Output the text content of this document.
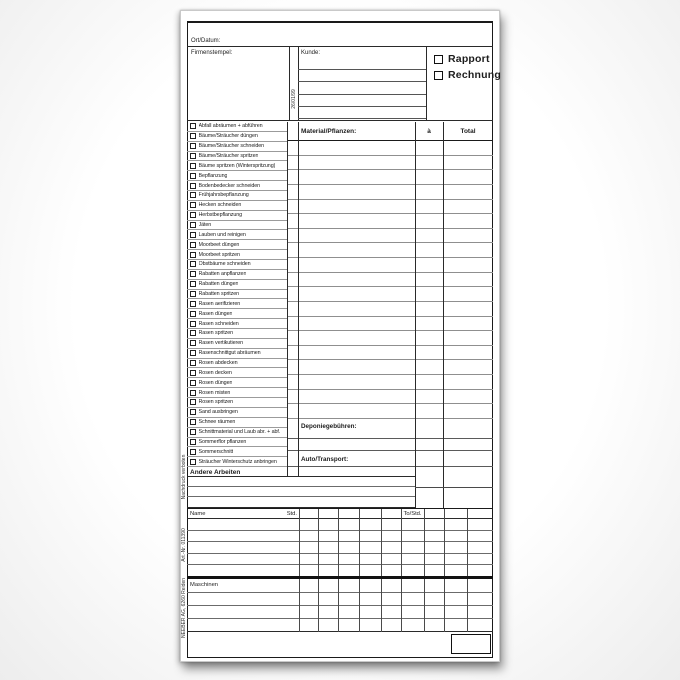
Ort/Datum:
Firmenstempel:	Kunde:
26/01/99
Rapport
Rechnung
Abfall abräumen + abführen
Bäume/Sträucher düngen
Bäume/Sträucher schneiden
Bäume/Sträucher spritzen
Bäume spritzen (Winterspritzung)
Bepflanzung
Bodenbedecker schneiden
Frühjahrsbepflanzung
Hecken schneiden
Herbstbepflanzung
Jäten
Lauben und reinigen
Moorbeet düngen
Moorbeet spritzen
Obstbäume schneiden
Rabatten anpflanzen
Rabatten düngen
Rabatten spritzen
Rasen aerifizieren
Rasen düngen
Rasen schneiden
Rasen spritzen
Rasen vertikutieren
Rasenschnittgut abräumen
Rosen abdecken
Rosen decken
Rosen düngen
Rosen misten
Rosen spritzen
Sand ausbringen
Schnee räumen
Schnittmaterial und Laub abr. + abf.
Sommerflor pflanzen
Sommerschnitt
Sträucher Winterschutz anbringen
Material/Pflanzen:	à	Total
Deponiegebühren:
Auto/Transport:
Andere Arbeiten
Name	Std.	To/Std.
Maschinen
Nachdruck verboten
Art.-Nr. 011390
NEEBER AG, 6260 Reiden
